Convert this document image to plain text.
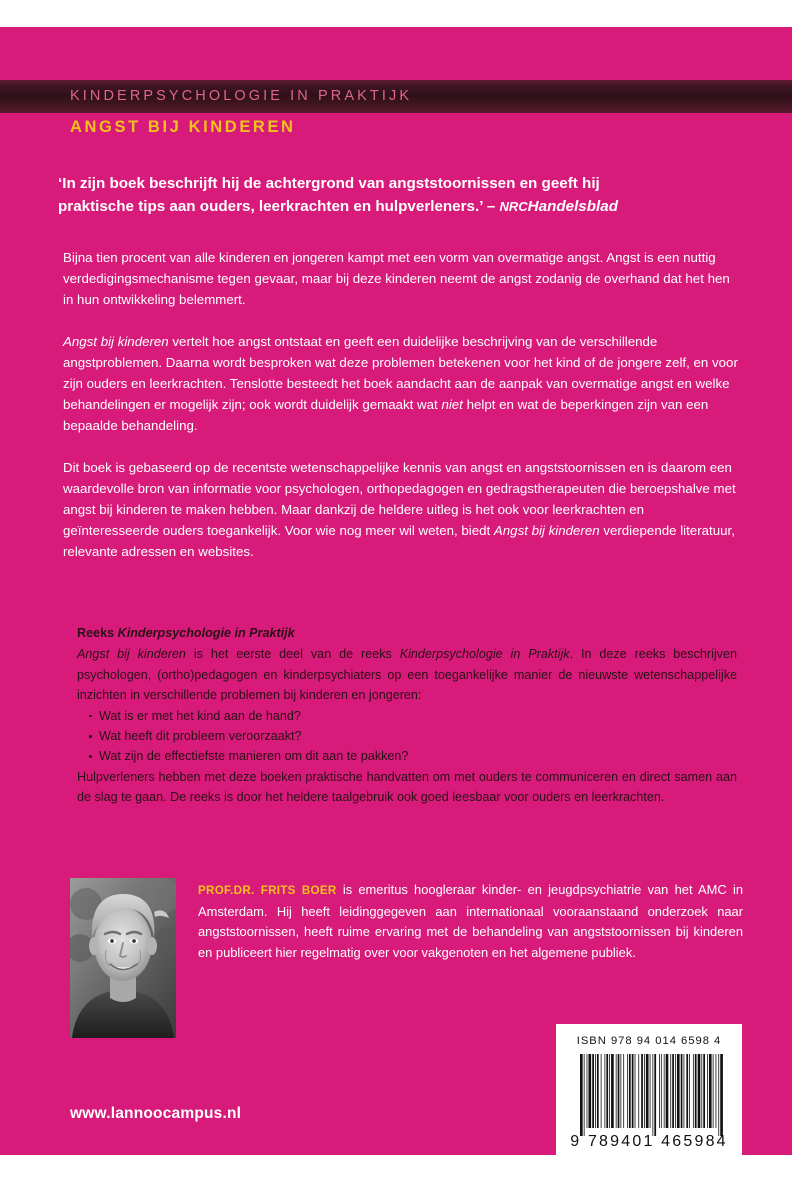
KINDERPSYCHOLOGIE IN PRAKTIJK
ANGST BIJ KINDEREN
‘In zijn boek beschrijft hij de achtergrond van angststoornissen en geeft hij
praktische tips aan ouders, leerkrachten en hulpverleners.’ – NRCHandelsblad

Bijna tien procent van alle kinderen en jongeren kampt met een vorm van overmatige angst. Angst is een nuttig verdedigingsmechanisme tegen gevaar, maar bij deze kinderen neemt de angst zodanig de overhand dat het hen in hun ontwikkeling belemmert.

Angst bij kinderen vertelt hoe angst ontstaat en geeft een duidelijke beschrijving van de verschillende angstproblemen. Daarna wordt besproken wat deze problemen betekenen voor het kind of de jongere zelf, en voor zijn ouders en leerkrachten. Tenslotte besteedt het boek aandacht aan de aanpak van overmatige angst en welke behandelingen er mogelijk zijn; ook wordt duidelijk gemaakt wat niet helpt en wat de beperkingen zijn van een bepaalde behandeling.

Dit boek is gebaseerd op de recentste wetenschappelijke kennis van angst en angststoornissen en is daarom een waardevolle bron van informatie voor psychologen, orthopedagogen en gedragstherapeuten die beroepshalve met angst bij kinderen te maken hebben. Maar dankzij de heldere uitleg is het ook voor leerkrachten en geïnteresseerde ouders toegankelijk. Voor wie nog meer wil weten, biedt Angst bij kinderen verdiepende literatuur, relevante adressen en websites.

Reeks Kinderpsychologie in Praktijk

Angst bij kinderen is het eerste deel van de reeks Kinderpsychologie in Praktijk. In deze reeks beschrijven psychologen, (ortho)pedagogen en kinderpsychiaters op een toegankelijke manier de nieuwste wetenschappelijke inzichten in verschillende problemen bij kinderen en jongeren:

Wat is er met het kind aan de hand?
Wat heeft dit probleem veroorzaakt?
Wat zijn de effectiefste manieren om dit aan te pakken?

Hulpverleners hebben met deze boeken praktische handvatten om met ouders te communiceren en direct samen aan de slag te gaan. De reeks is door het heldere taalgebruik ook goed leesbaar voor ouders en leerkrachten.

PROF.DR. FRITS BOER is emeritus hoogleraar kinder- en jeugdpsychiatrie van het AMC in Amsterdam. Hij heeft leidinggegeven aan internationaal vooraanstaand onderzoek naar angststoornissen, heeft ruime ervaring met de behandeling van angststoornissen bij kinderen en publiceert hier regelmatig over voor vakgenoten en het algemene publiek.
www.lannoocampus.nl
ISBN 978 94 014 6598 4
9 789401 465984
